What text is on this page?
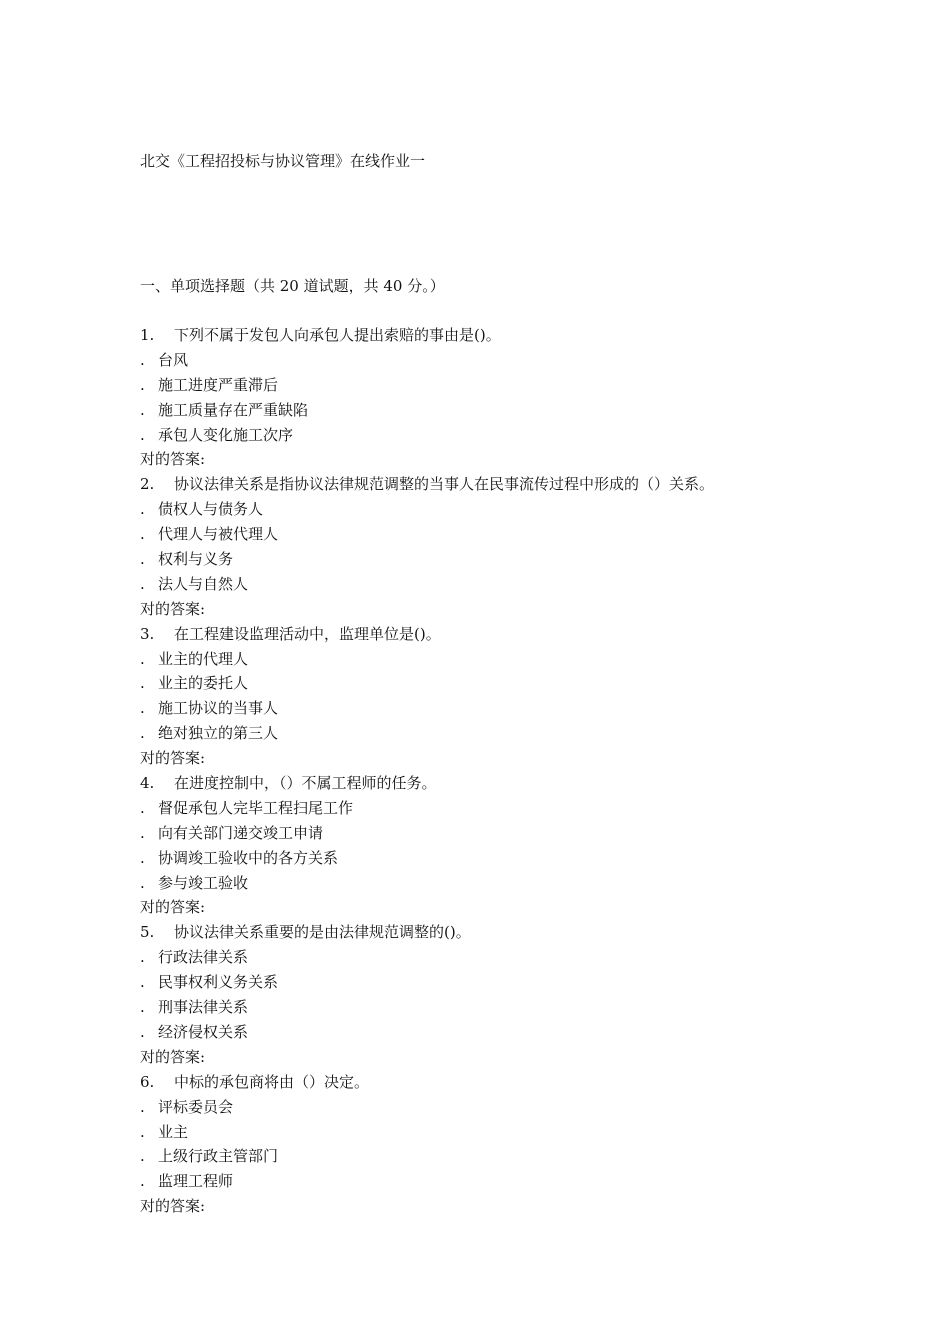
北交《工程招投标与协议管理》在线作业一
一、单项选择题（共 20 道试题，共 40 分。）
1. 下列不属于发包人向承包人提出索赔的事由是()。
. 台风
. 施工进度严重滞后
. 施工质量存在严重缺陷
. 承包人变化施工次序
对的答案:
2. 协议法律关系是指协议法律规范调整的当事人在民事流传过程中形成的（）关系。
. 债权人与债务人
. 代理人与被代理人
. 权利与义务
. 法人与自然人
对的答案:
3. 在工程建设监理活动中，监理单位是()。
. 业主的代理人
. 业主的委托人
. 施工协议的当事人
. 绝对独立的第三人
对的答案:
4. 在进度控制中，（）不属工程师的任务。
. 督促承包人完毕工程扫尾工作
. 向有关部门递交竣工申请
. 协调竣工验收中的各方关系
. 参与竣工验收
对的答案:
5. 协议法律关系重要的是由法律规范调整的()。
. 行政法律关系
. 民事权利义务关系
. 刑事法律关系
. 经济侵权关系
对的答案:
6. 中标的承包商将由（）决定。
. 评标委员会
. 业主
. 上级行政主管部门
. 监理工程师
对的答案:
